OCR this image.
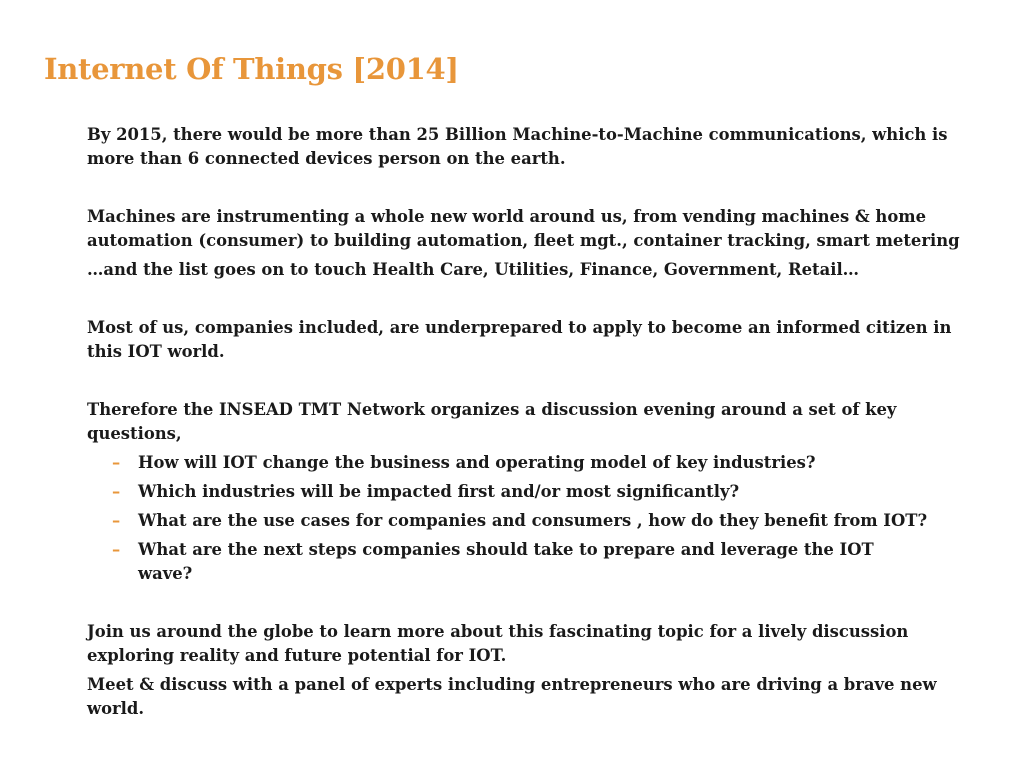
Internet Of Things [2014]

By 2015, there would be more than 25 Billion Machine-to-Machine communications, which is more than 6 connected devices person on the earth.

Machines are instrumenting a whole new world around us, from vending machines & home automation (consumer) to building automation, fleet mgt., container tracking, smart metering

…and the list goes on to touch Health Care, Utilities, Finance, Government, Retail…

Most of us, companies included, are underprepared to apply to become an informed citizen in this IOT world.

Therefore the INSEAD TMT Network organizes a discussion evening around a set of key questions,

– How will IOT change the business and operating model of key industries?
– Which industries will be impacted first and/or most significantly?
– What are the use cases for companies and consumers , how do they benefit from IOT?
– What are the next steps companies should take to prepare and leverage the IOT wave?

Join us around the globe to learn more about this fascinating topic for a lively discussion exploring reality and future potential for IOT.

Meet & discuss with a panel of experts including entrepreneurs who are driving a brave new world.
